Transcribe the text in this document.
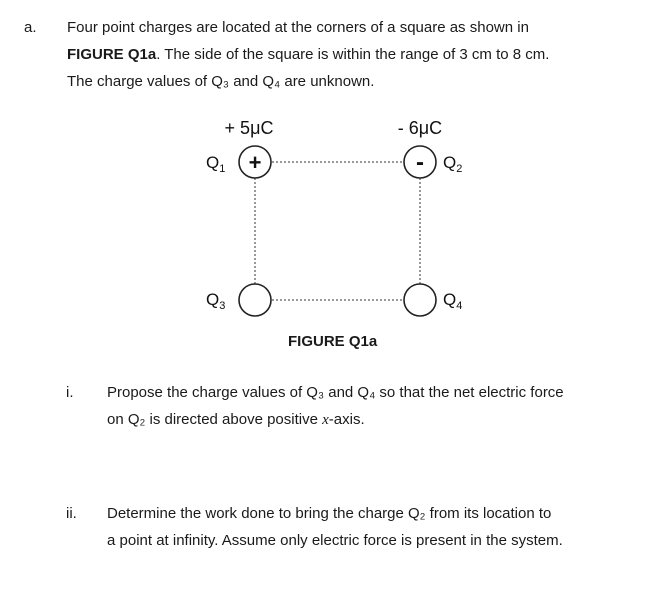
a. Four point charges are located at the corners of a square as shown in
FIGURE Q1a. The side of the square is within the range of 3 cm to 8 cm.
The charge values of Q₃ and Q₄ are unknown.
+	-
+ 5μC	- 6μC
$Q_1$	$Q_2$
$Q_3$	$Q_4$
FIGURE Q1a
i. Propose the charge values of Q₃ and Q₄ so that the net electric force
on Q₂ is directed above positive x-axis.
ii. Determine the work done to bring the charge Q₂ from its location to
a point at infinity. Assume only electric force is present in the system.
